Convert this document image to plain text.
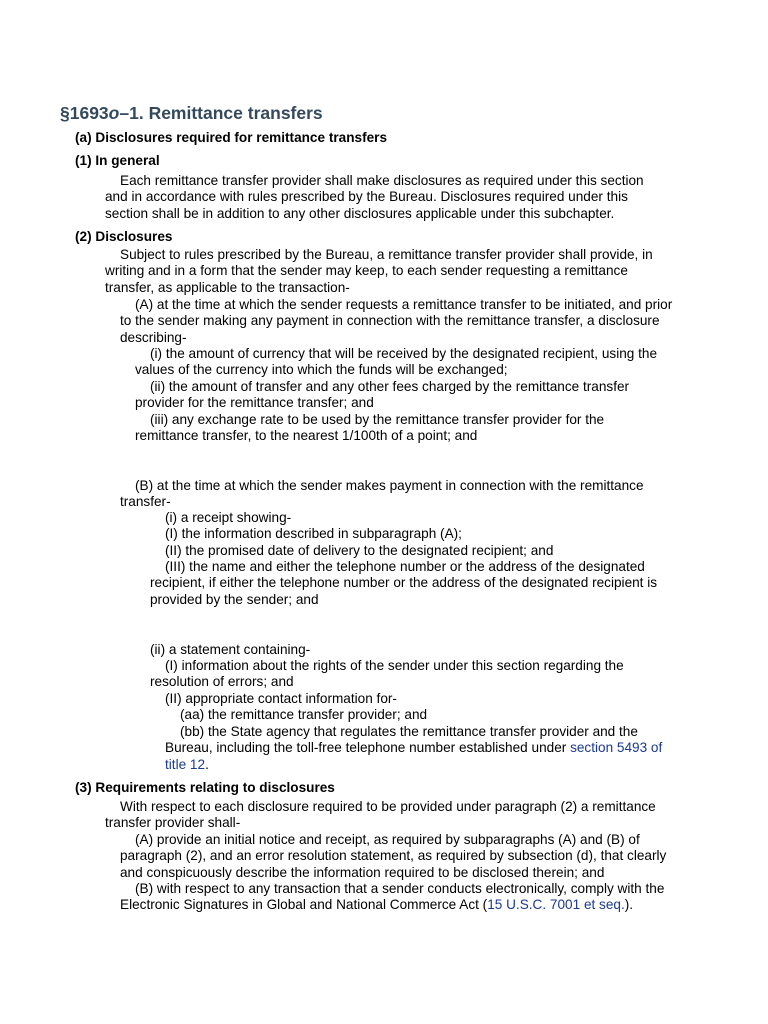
§1693o–1. Remittance transfers

(a) Disclosures required for remittance transfers

(1) In general

Each remittance transfer provider shall make disclosures as required under this section and in accordance with rules prescribed by the Bureau. Disclosures required under this section shall be in addition to any other disclosures applicable under this subchapter.

(2) Disclosures

Subject to rules prescribed by the Bureau, a remittance transfer provider shall provide, in writing and in a form that the sender may keep, to each sender requesting a remittance transfer, as applicable to the transaction-

(A) at the time at which the sender requests a remittance transfer to be initiated, and prior to the sender making any payment in connection with the remittance transfer, a disclosure describing-

(i) the amount of currency that will be received by the designated recipient, using the values of the currency into which the funds will be exchanged;

(ii) the amount of transfer and any other fees charged by the remittance transfer provider for the remittance transfer; and

(iii) any exchange rate to be used by the remittance transfer provider for the remittance transfer, to the nearest 1/100th of a point; and

(B) at the time at which the sender makes payment in connection with the remittance transfer-

(i) a receipt showing-

(I) the information described in subparagraph (A);

(II) the promised date of delivery to the designated recipient; and

(III) the name and either the telephone number or the address of the designated recipient, if either the telephone number or the address of the designated recipient is provided by the sender; and

(ii) a statement containing-

(I) information about the rights of the sender under this section regarding the resolution of errors; and

(II) appropriate contact information for-

(aa) the remittance transfer provider; and

(bb) the State agency that regulates the remittance transfer provider and the Bureau, including the toll-free telephone number established under section 5493 of title 12.

(3) Requirements relating to disclosures

With respect to each disclosure required to be provided under paragraph (2) a remittance transfer provider shall-

(A) provide an initial notice and receipt, as required by subparagraphs (A) and (B) of paragraph (2), and an error resolution statement, as required by subsection (d), that clearly and conspicuously describe the information required to be disclosed therein; and

(B) with respect to any transaction that a sender conducts electronically, comply with the Electronic Signatures in Global and National Commerce Act (15 U.S.C. 7001 et seq.).
